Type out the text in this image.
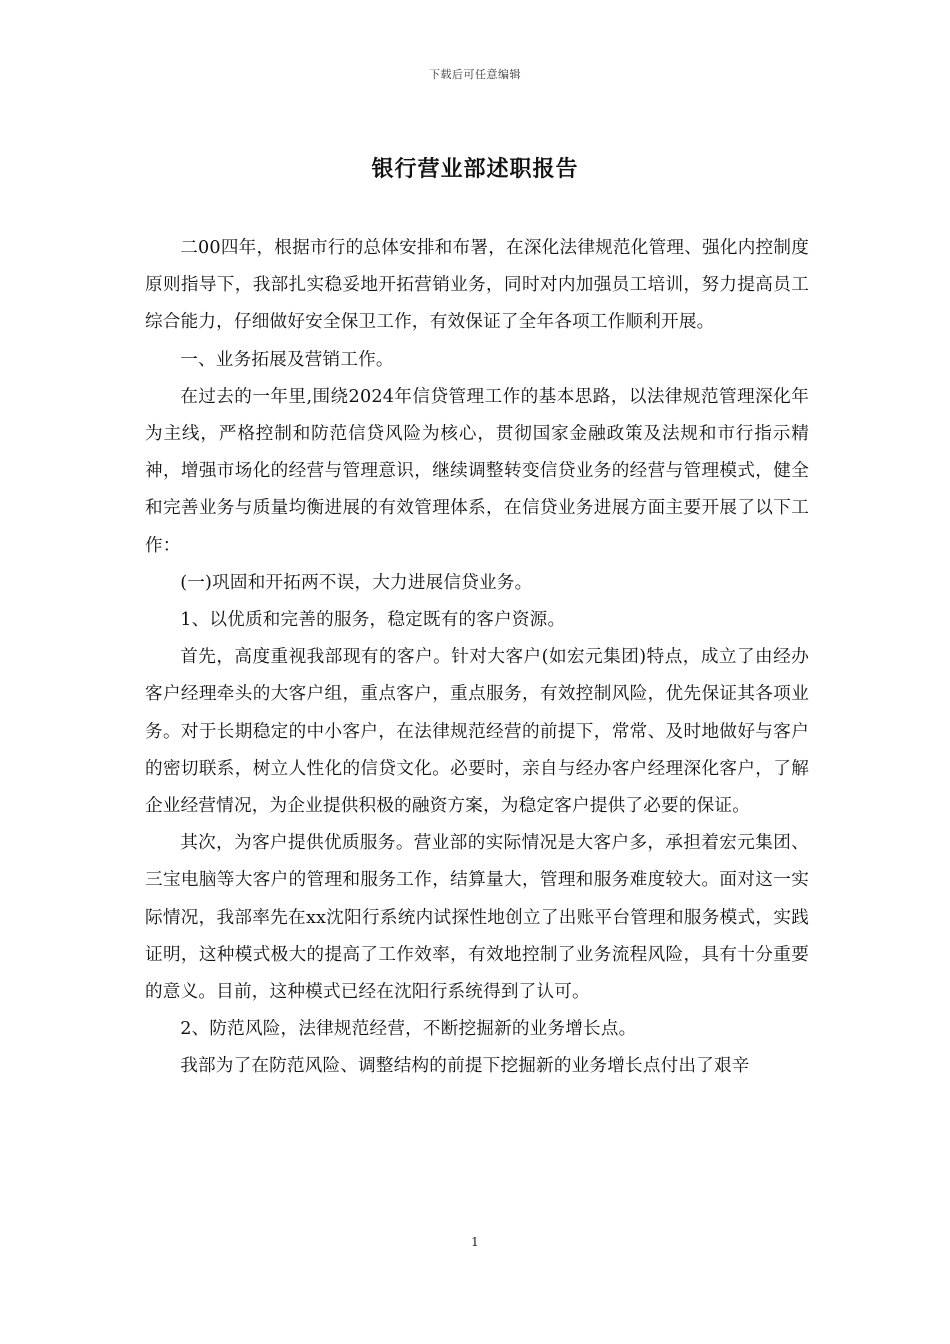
下载后可任意编辑
银行营业部述职报告

二00四年，根据市行的总体安排和布署，在深化法律规范化管理、强化内控制度原则指导下，我部扎实稳妥地开拓营销业务，同时对内加强员工培训，努力提高员工综合能力，仔细做好安全保卫工作，有效保证了全年各项工作顺利开展。

一、业务拓展及营销工作。

在过去的一年里,围绕2024年信贷管理工作的基本思路，以法律规范管理深化年为主线，严格控制和防范信贷风险为核心，贯彻国家金融政策及法规和市行指示精神，增强市场化的经营与管理意识，继续调整转变信贷业务的经营与管理模式，健全和完善业务与质量均衡进展的有效管理体系，在信贷业务进展方面主要开展了以下工作：

(一)巩固和开拓两不误，大力进展信贷业务。

1、以优质和完善的服务，稳定既有的客户资源。

首先，高度重视我部现有的客户。针对大客户(如宏元集团)特点，成立了由经办客户经理牵头的大客户组，重点客户，重点服务，有效控制风险，优先保证其各项业务。对于长期稳定的中小客户，在法律规范经营的前提下，常常、及时地做好与客户的密切联系，树立人性化的信贷文化。必要时，亲自与经办客户经理深化客户，了解企业经营情况，为企业提供积极的融资方案，为稳定客户提供了必要的保证。

其次，为客户提供优质服务。营业部的实际情况是大客户多，承担着宏元集团、三宝电脑等大客户的管理和服务工作，结算量大，管理和服务难度较大。面对这一实际情况，我部率先在xx沈阳行系统内试探性地创立了出账平台管理和服务模式，实践证明，这种模式极大的提高了工作效率，有效地控制了业务流程风险，具有十分重要的意义。目前，这种模式已经在沈阳行系统得到了认可。

2、防范风险，法律规范经营，不断挖掘新的业务增长点。

我部为了在防范风险、调整结构的前提下挖掘新的业务增长点付出了艰辛

1
